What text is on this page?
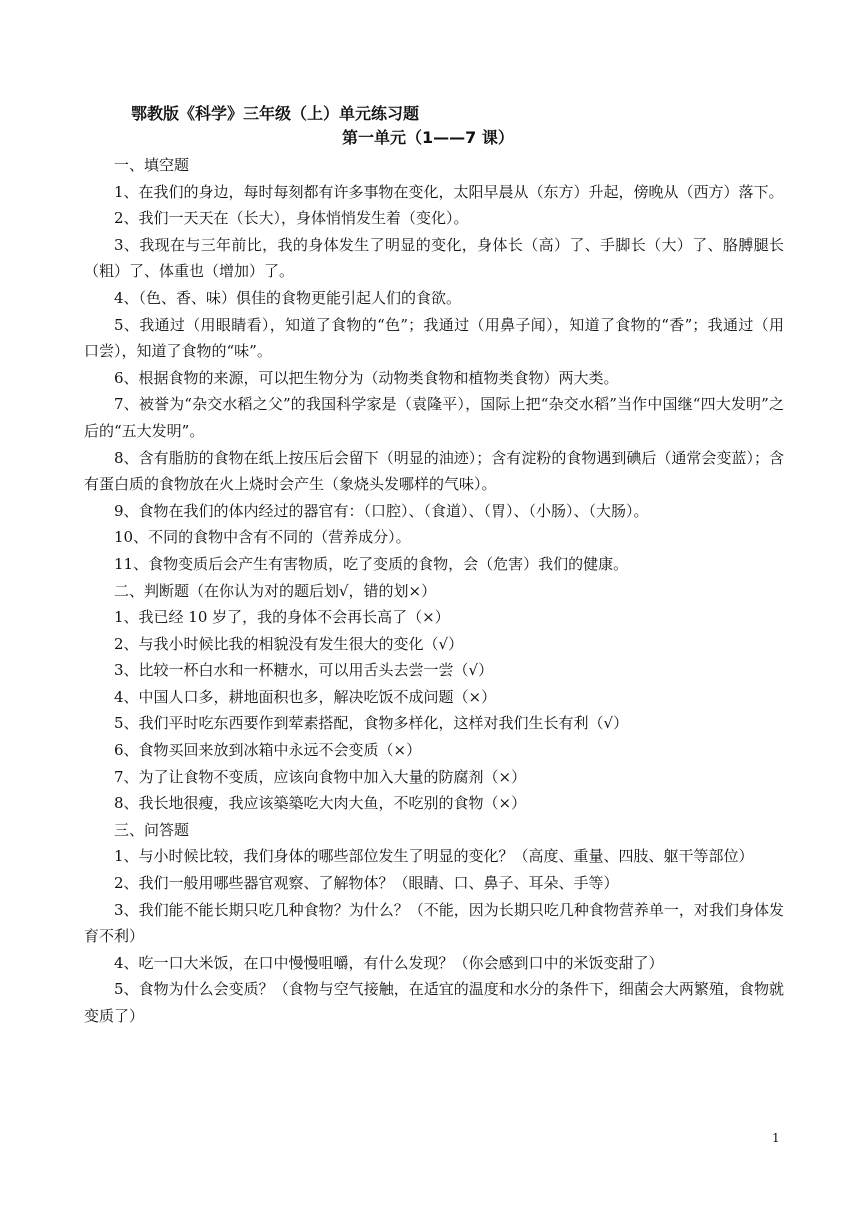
鄂教版《科学》三年级（上）单元练习题
第一单元（1——7 课）

一、填空题

1、在我们的身边，每时每刻都有许多事物在变化，太阳早晨从（东方）升起，傍晚从（西方）落下。

2、我们一天天在（长大），身体悄悄发生着（变化）。

3、我现在与三年前比，我的身体发生了明显的变化，身体长（高）了、手脚长（大）了、胳膊腿长（粗）了、体重也（增加）了。

4、（色、香、味）俱佳的食物更能引起人们的食欲。

5、我通过（用眼睛看），知道了食物的“色”；我通过（用鼻子闻），知道了食物的“香”；我通过（用口尝），知道了食物的“味”。

6、根据食物的来源，可以把生物分为（动物类食物和植物类食物）两大类。

7、被誉为“杂交水稻之父”的我国科学家是（袁隆平），国际上把“杂交水稻”当作中国继“四大发明”之后的“五大发明”。

8、含有脂肪的食物在纸上按压后会留下（明显的油迹）；含有淀粉的食物遇到碘后（通常会变蓝）；含有蛋白质的食物放在火上烧时会产生（象烧头发哪样的气味）。

9、食物在我们的体内经过的器官有：（口腔）、（食道）、（胃）、（小肠）、（大肠）。

10、不同的食物中含有不同的（营养成分）。

11、食物变质后会产生有害物质，吃了变质的食物，会（危害）我们的健康。

二、判断题（在你认为对的题后划√，错的划×）

1、我已经 10 岁了，我的身体不会再长高了（×）

2、与我小时候比我的相貌没有发生很大的变化（√）

3、比较一杯白水和一杯糖水，可以用舌头去尝一尝（√）

4、中国人口多，耕地面积也多，解决吃饭不成问题（×）

5、我们平时吃东西要作到荤素搭配，食物多样化，这样对我们生长有利（√）

6、食物买回来放到冰箱中永远不会变质（×）

7、为了让食物不变质，应该向食物中加入大量的防腐剂（×）

8、我长地很瘦，我应该築築吃大肉大鱼，不吃别的食物（×）

三、问答题

1、与小时候比较，我们身体的哪些部位发生了明显的变化？（高度、重量、四肢、躯干等部位）

2、我们一般用哪些器官观察、了解物体？（眼睛、口、鼻子、耳朵、手等）

3、我们能不能长期只吃几种食物？为什么？（不能，因为长期只吃几种食物营养单一，对我们身体发育不利）

4、吃一口大米饭，在口中慢慢咀嚼，有什么发现？（你会感到口中的米饭变甜了）

5、食物为什么会变质？（食物与空气接触，在适宜的温度和水分的条件下，细菌会大两繁殖，食物就变质了）

1
